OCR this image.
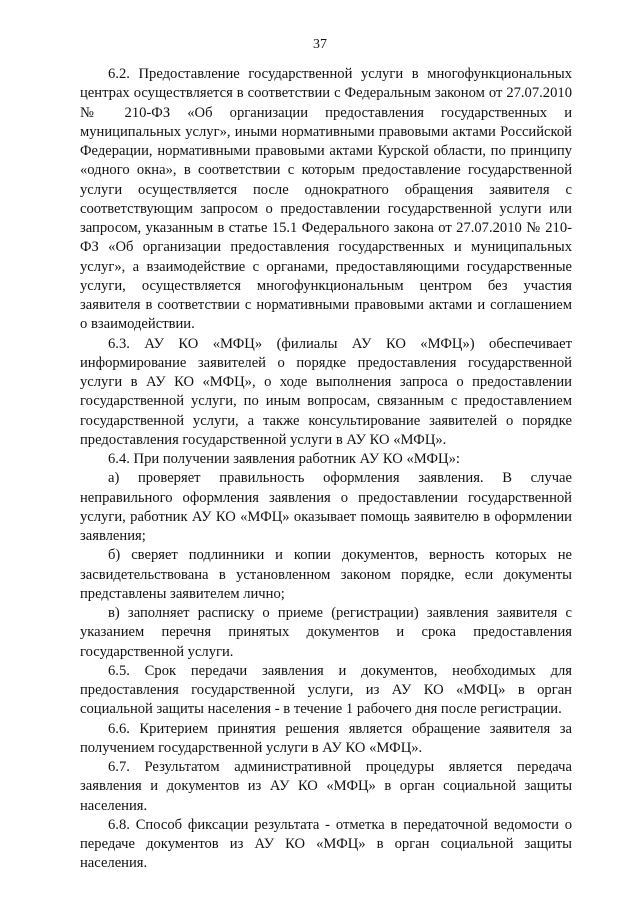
37

6.2. Предоставление государственной услуги в многофункциональных центрах осуществляется в соответствии с Федеральным законом от 27.07.2010 № 210-ФЗ «Об организации предоставления государственных и муниципальных услуг», иными нормативными правовыми актами Российской Федерации, нормативными правовыми актами Курской области, по принципу «одного окна», в соответствии с которым предоставление государственной услуги осуществляется после однократного обращения заявителя с соответствующим запросом о предоставлении государственной услуги или запросом, указанным в статье 15.1 Федерального закона от 27.07.2010 № 210-ФЗ «Об организации предоставления государственных и муниципальных услуг», а взаимодействие с органами, предоставляющими государственные услуги, осуществляется многофункциональным центром без участия заявителя в соответствии с нормативными правовыми актами и соглашением о взаимодействии.

6.3. АУ КО «МФЦ» (филиалы АУ КО «МФЦ») обеспечивает информирование заявителей о порядке предоставления государственной услуги в АУ КО «МФЦ», о ходе выполнения запроса о предоставлении государственной услуги, по иным вопросам, связанным с предоставлением государственной услуги, а также консультирование заявителей о порядке предоставления государственной услуги в АУ КО «МФЦ».

6.4. При получении заявления работник АУ КО «МФЦ»:

а) проверяет правильность оформления заявления. В случае неправильного оформления заявления о предоставлении государственной услуги, работник АУ КО «МФЦ» оказывает помощь заявителю в оформлении заявления;

б) сверяет подлинники и копии документов, верность которых не засвидетельствована в установленном законом порядке, если документы представлены заявителем лично;

в) заполняет расписку о приеме (регистрации) заявления заявителя с указанием перечня принятых документов и срока предоставления государственной услуги.

6.5. Срок передачи заявления и документов, необходимых для предоставления государственной услуги, из АУ КО «МФЦ» в орган социальной защиты населения - в течение 1 рабочего дня после регистрации.

6.6. Критерием принятия решения является обращение заявителя за получением государственной услуги в АУ КО «МФЦ».

6.7. Результатом административной процедуры является передача заявления и документов из АУ КО «МФЦ» в орган социальной защиты населения.

6.8. Способ фиксации результата - отметка в передаточной ведомости о передаче документов из АУ КО «МФЦ» в орган социальной защиты населения.
